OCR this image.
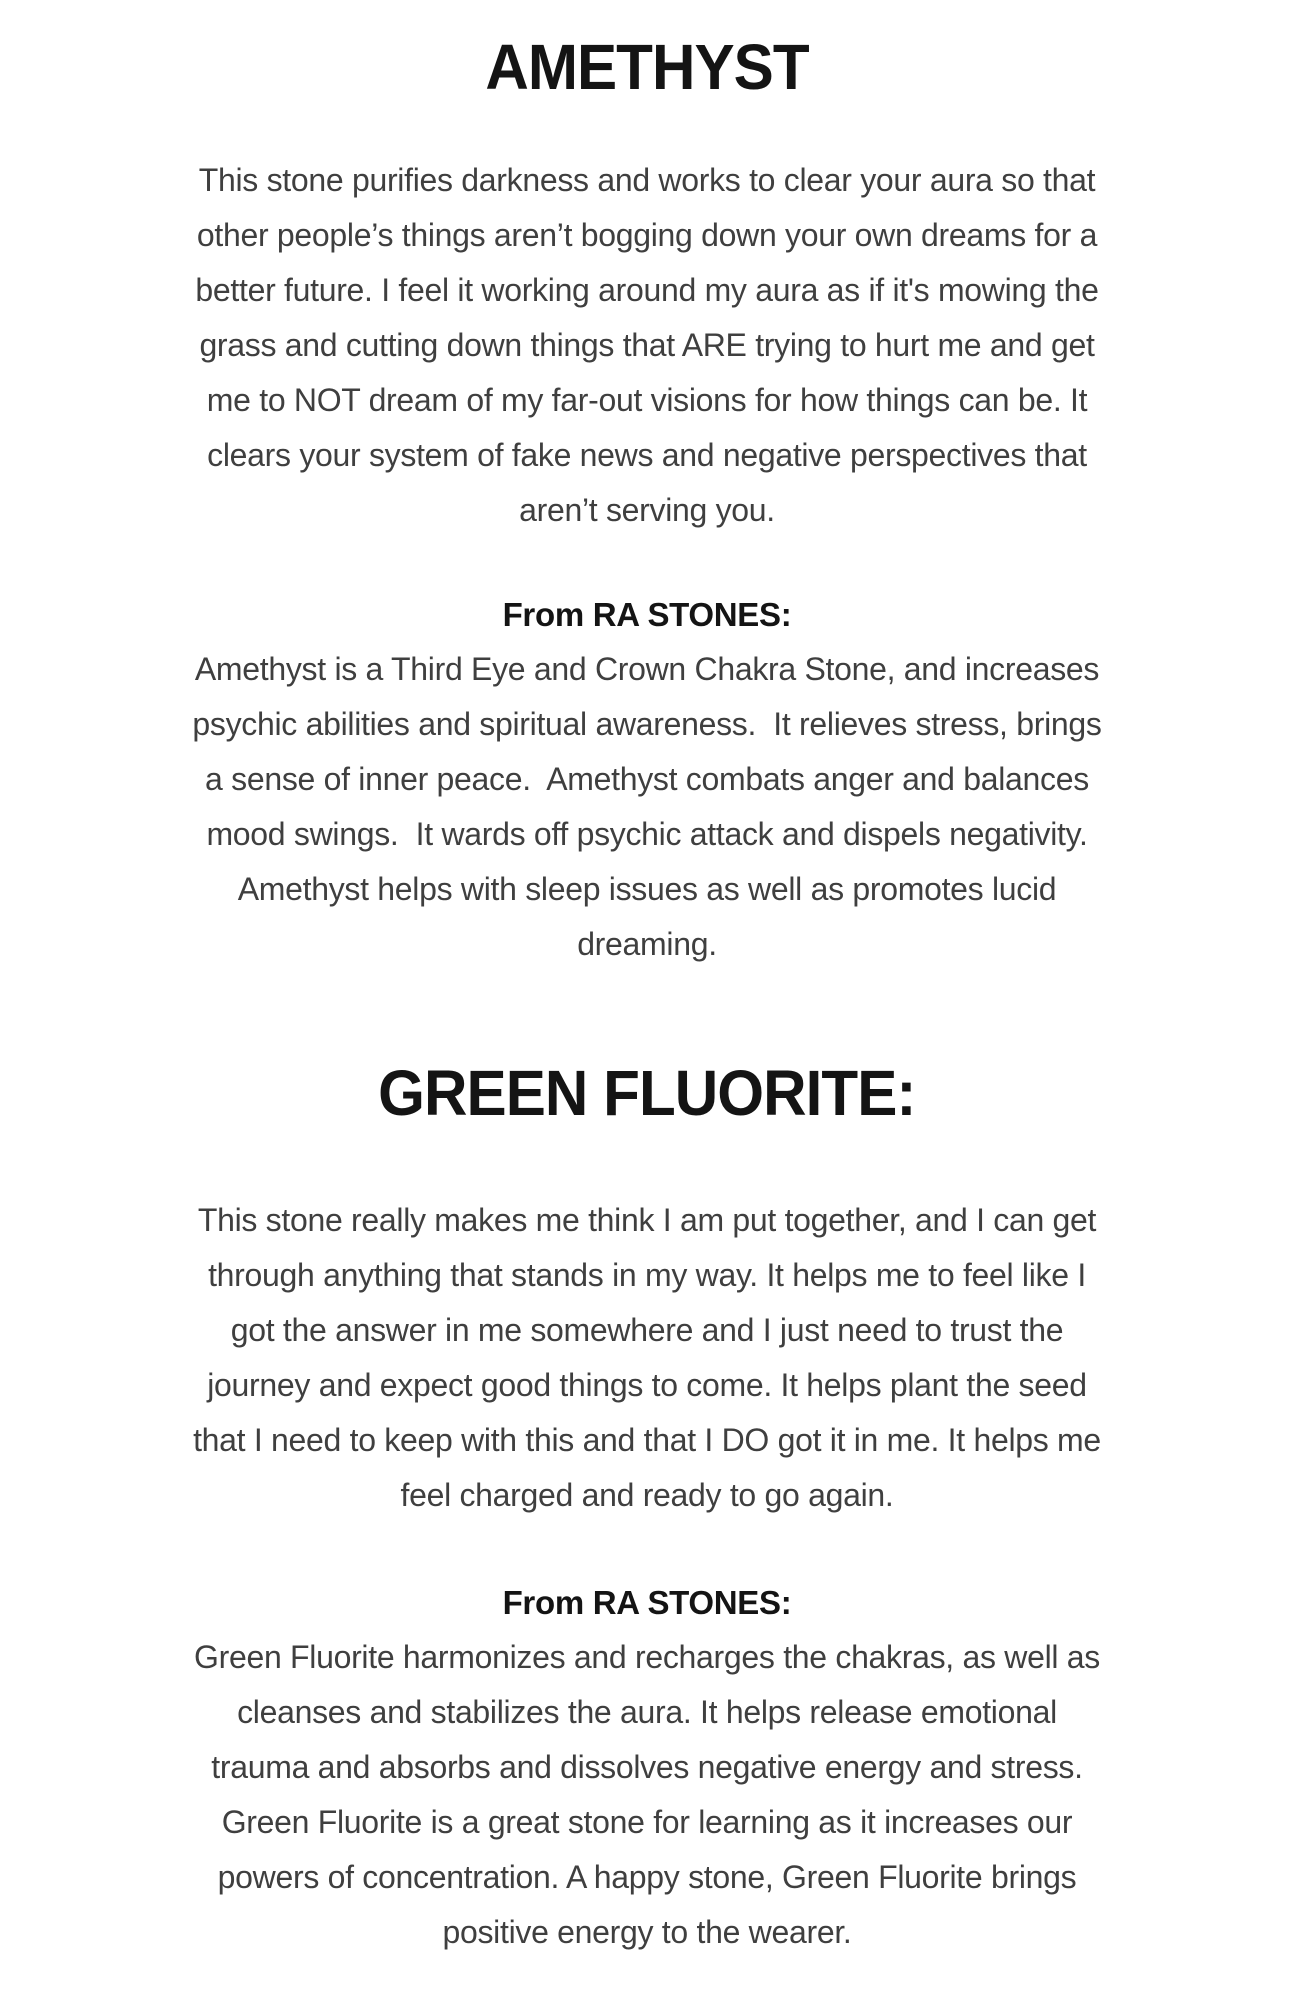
AMETHYST
This stone purifies darkness and works to clear your aura so that
other people’s things aren’t bogging down your own dreams for a
better future. I feel it working around my aura as if it's mowing the
grass and cutting down things that ARE trying to hurt me and get
me to NOT dream of my far-out visions for how things can be. It
clears your system of fake news and negative perspectives that
aren’t serving you.
From RA STONES:
Amethyst is a Third Eye and Crown Chakra Stone, and increases
psychic abilities and spiritual awareness.  It relieves stress, brings
a sense of inner peace.  Amethyst combats anger and balances
mood swings.  It wards off psychic attack and dispels negativity.
Amethyst helps with sleep issues as well as promotes lucid
dreaming.
GREEN FLUORITE:
This stone really makes me think I am put together, and I can get
through anything that stands in my way. It helps me to feel like I
got the answer in me somewhere and I just need to trust the
journey and expect good things to come. It helps plant the seed
that I need to keep with this and that I DO got it in me. It helps me
feel charged and ready to go again.
From RA STONES:
Green Fluorite harmonizes and recharges the chakras, as well as
cleanses and stabilizes the aura. It helps release emotional
trauma and absorbs and dissolves negative energy and stress.
Green Fluorite is a great stone for learning as it increases our
powers of concentration. A happy stone, Green Fluorite brings
positive energy to the wearer.
